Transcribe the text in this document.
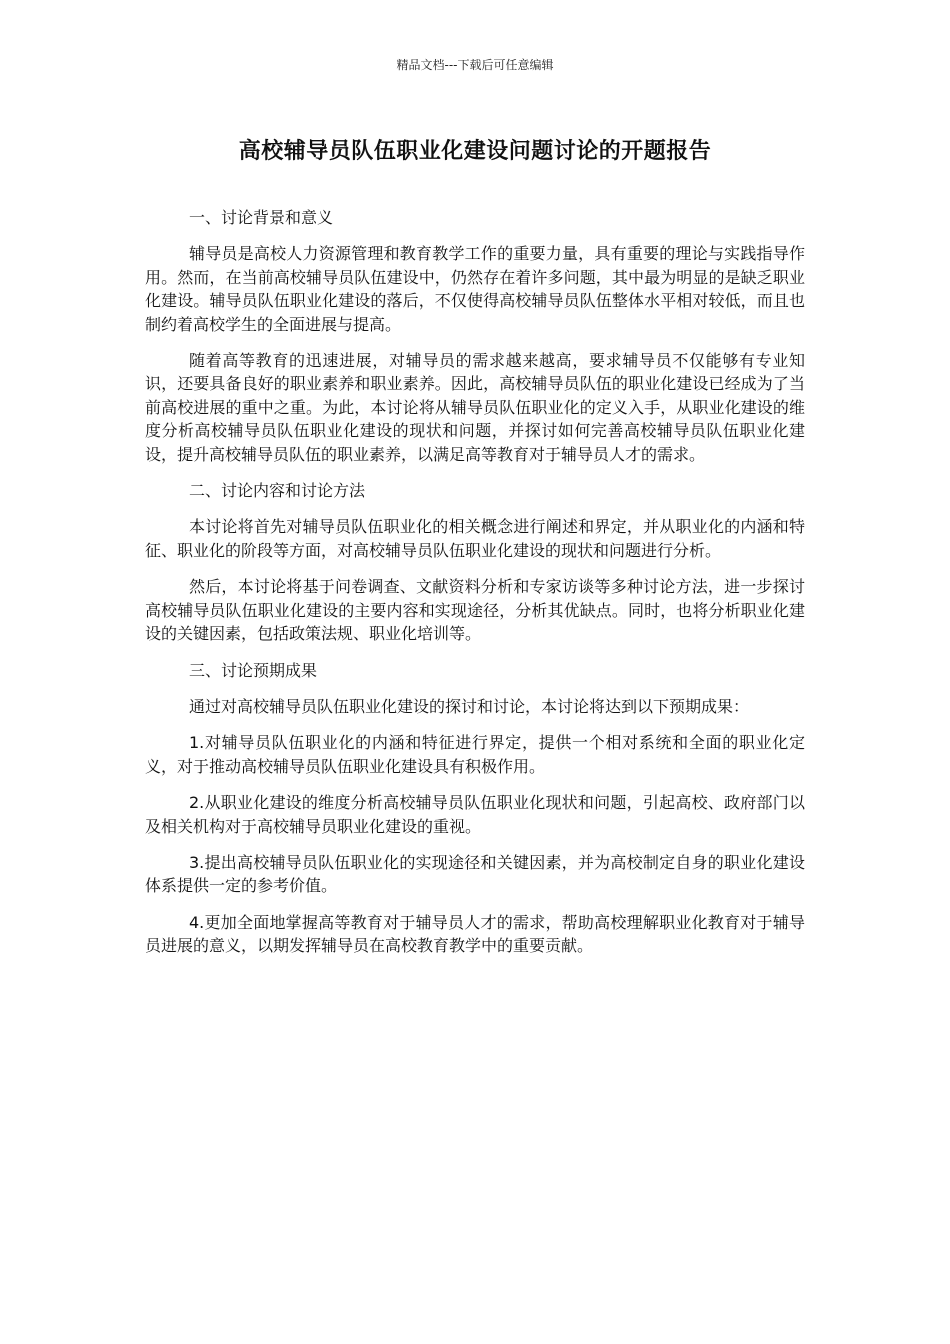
精品文档---下载后可任意编辑
高校辅导员队伍职业化建设问题讨论的开题报告

一、讨论背景和意义

辅导员是高校人力资源管理和教育教学工作的重要力量，具有重要的理论与实践指导作用。然而，在当前高校辅导员队伍建设中，仍然存在着许多问题，其中最为明显的是缺乏职业化建设。辅导员队伍职业化建设的落后，不仅使得高校辅导员队伍整体水平相对较低，而且也制约着高校学生的全面进展与提高。

随着高等教育的迅速进展，对辅导员的需求越来越高，要求辅导员不仅能够有专业知识，还要具备良好的职业素养和职业素养。因此，高校辅导员队伍的职业化建设已经成为了当前高校进展的重中之重。为此，本讨论将从辅导员队伍职业化的定义入手，从职业化建设的维度分析高校辅导员队伍职业化建设的现状和问题，并探讨如何完善高校辅导员队伍职业化建设，提升高校辅导员队伍的职业素养，以满足高等教育对于辅导员人才的需求。

二、讨论内容和讨论方法

本讨论将首先对辅导员队伍职业化的相关概念进行阐述和界定，并从职业化的内涵和特征、职业化的阶段等方面，对高校辅导员队伍职业化建设的现状和问题进行分析。

然后，本讨论将基于问卷调查、文献资料分析和专家访谈等多种讨论方法，进一步探讨高校辅导员队伍职业化建设的主要内容和实现途径，分析其优缺点。同时，也将分析职业化建设的关键因素，包括政策法规、职业化培训等。

三、讨论预期成果

通过对高校辅导员队伍职业化建设的探讨和讨论，本讨论将达到以下预期成果：

1.对辅导员队伍职业化的内涵和特征进行界定，提供一个相对系统和全面的职业化定义，对于推动高校辅导员队伍职业化建设具有积极作用。

2.从职业化建设的维度分析高校辅导员队伍职业化现状和问题，引起高校、政府部门以及相关机构对于高校辅导员职业化建设的重视。

3.提出高校辅导员队伍职业化的实现途径和关键因素，并为高校制定自身的职业化建设体系提供一定的参考价值。

4.更加全面地掌握高等教育对于辅导员人才的需求，帮助高校理解职业化教育对于辅导员进展的意义，以期发挥辅导员在高校教育教学中的重要贡献。
